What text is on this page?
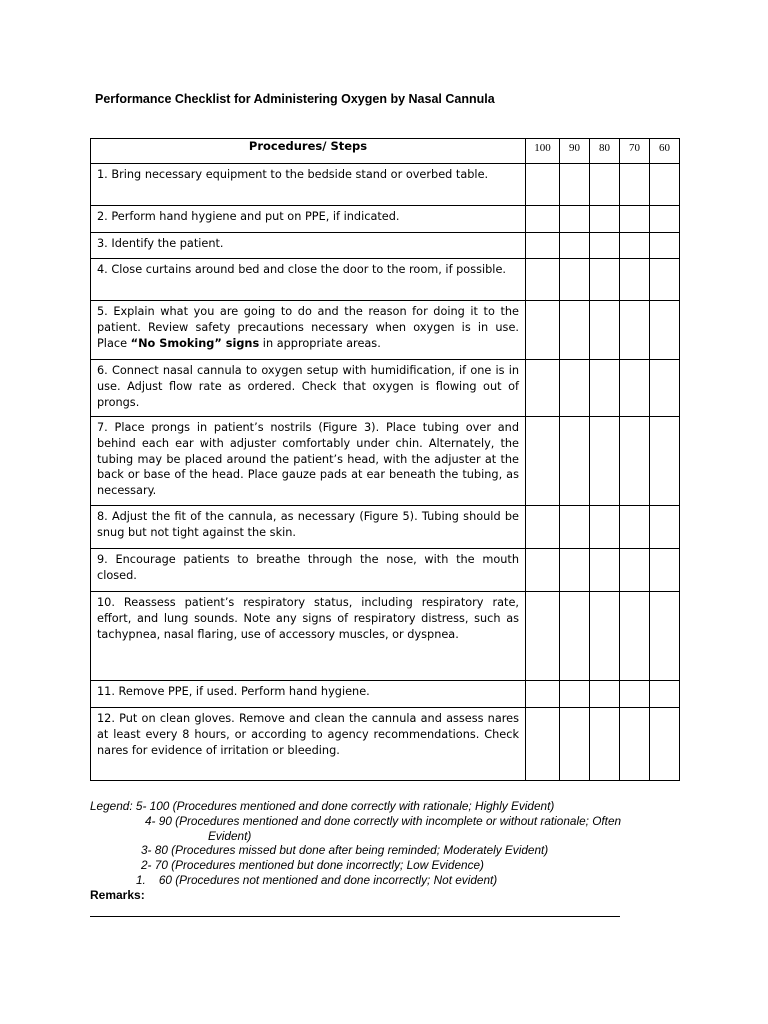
Performance Checklist for Administering Oxygen by Nasal Cannula
Procedures/ Steps	100	90	80	70	60
1. Bring necessary equipment to the bedside stand or overbed table.					
2. Perform hand hygiene and put on PPE, if indicated.					
3. Identify the patient.					
4. Close curtains around bed and close the door to the room, if possible.					
5. Explain what you are going to do and the reason for doing it to the patient. Review safety precautions necessary when oxygen is in use. Place “No Smoking” signs in appropriate areas.					
6. Connect nasal cannula to oxygen setup with humidification, if one is in use. Adjust flow rate as ordered. Check that oxygen is flowing out of prongs.					
7. Place prongs in patient’s nostrils (Figure 3). Place tubing over and behind each ear with adjuster comfortably under chin. Alternately, the tubing may be placed around the patient’s head, with the adjuster at the back or base of the head. Place gauze pads at ear beneath the tubing, as necessary.					
8. Adjust the fit of the cannula, as necessary (Figure 5). Tubing should be snug but not tight against the skin.					
9. Encourage patients to breathe through the nose, with the mouth closed.					
10. Reassess patient’s respiratory status, including respiratory rate, effort, and lung sounds. Note any signs of respiratory distress, such as tachypnea, nasal flaring, use of accessory muscles, or dyspnea.					
11. Remove PPE, if used. Perform hand hygiene.					
12. Put on clean gloves. Remove and clean the cannula and assess nares at least every 8 hours, or according to agency recommendations. Check nares for evidence of irritation or bleeding.					
Legend: 5- 100 (Procedures mentioned and done correctly with rationale; Highly Evident)
4- 90 (Procedures mentioned and done correctly with incomplete or without rationale; Often
Evident)
3- 80 (Procedures missed but done after being reminded; Moderately Evident)
2- 70 (Procedures mentioned but done incorrectly; Low Evidence)
1. 60 (Procedures not mentioned and done incorrectly; Not evident)
Remarks:
